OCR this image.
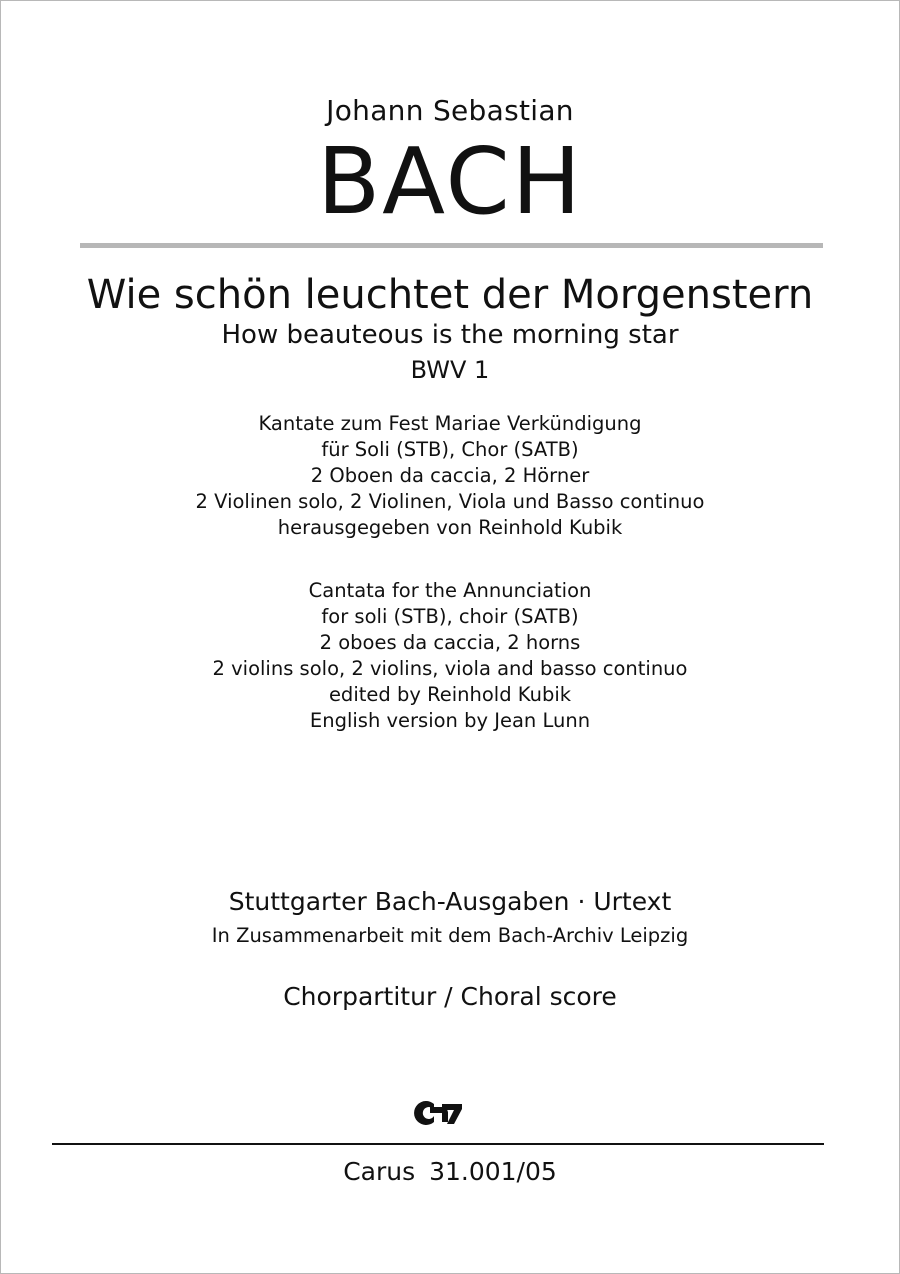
Johann Sebastian
BACH
Wie schön leuchtet der Morgenstern
How beauteous is the morning star
BWV 1
Kantate zum Fest Mariae Verkündigung
für Soli (STB), Chor (SATB)
2 Oboen da caccia, 2 Hörner
2 Violinen solo, 2 Violinen, Viola und Basso continuo
herausgegeben von Reinhold Kubik
Cantata for the Annunciation
for soli (STB), choir (SATB)
2 oboes da caccia, 2 horns
2 violins solo, 2 violins, viola and basso continuo
edited by Reinhold Kubik
English version by Jean Lunn
Stuttgarter Bach-Ausgaben · Urtext
In Zusammenarbeit mit dem Bach-Archiv Leipzig
Chorpartitur / Choral score
Carus 31.001/05
